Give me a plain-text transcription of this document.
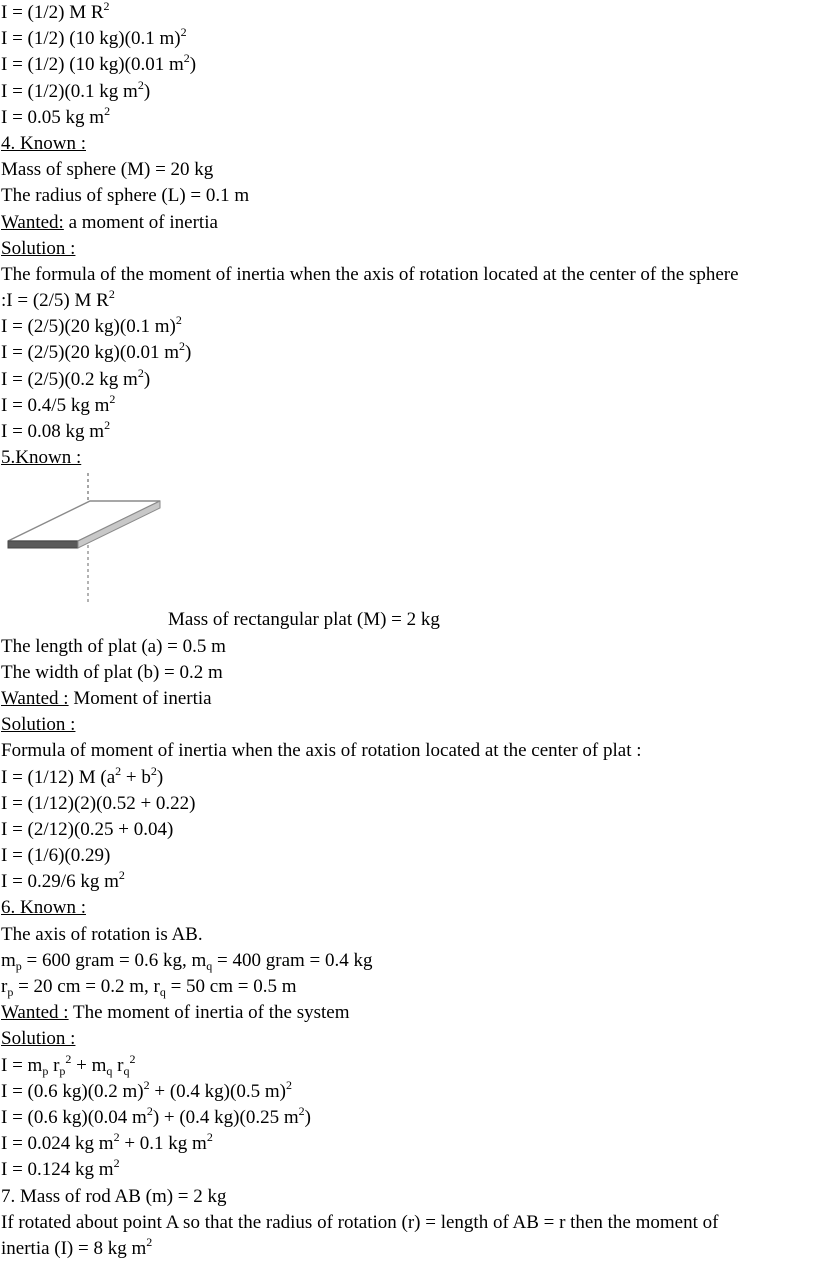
I = (1/2) M $R^2$
I = (1/2) (10 kg)(0.1 m)$^2$
I = (1/2) (10 kg)(0.01 $m^2$)
I = (1/2)(0.1 kg $m^2$)
I = 0.05 kg $m^2$
4. Known :
Mass of sphere (M) = 20 kg
The radius of sphere (L) = 0.1 m
Wanted: a moment of inertia
Solution :
The formula of the moment of inertia when the axis of rotation located at the center of the sphere
:I = (2/5) M $R^2$
I = (2/5)(20 kg)(0.1 m)$^2$
I = (2/5)(20 kg)(0.01 $m^2$)
I = (2/5)(0.2 kg $m^2$)
I = 0.4/5 kg $m^2$
I = 0.08 kg $m^2$
5.Known :
Mass of rectangular plat (M) = 2 kg
The length of plat (a) = 0.5 m
The width of plat (b) = 0.2 m
Wanted : Moment of inertia
Solution :
Formula of moment of inertia when the axis of rotation located at the center of plat :
I = (1/12) M $(a^2 + b^2)$
I = (1/12)(2)(0.52 + 0.22)
I = (2/12)(0.25 + 0.04)
I = (1/6)(0.29)
I = 0.29/6 kg $m^2$
6. Known :
The axis of rotation is AB.
$m_p = 600$ gram = 0.6 kg, $m_q = 400$ gram = 0.4 kg
$r_p = 20$ cm = 0.2 m, $r_q = 50$ cm = 0.5 m
Wanted : The moment of inertia of the system
Solution :
$I = m_p$ $r_p^2 + m_q$ $r_q^2$
I = (0.6 kg)(0.2 m)$^2$ + (0.4 kg)(0.5 m)$^2$
I = (0.6 kg)(0.04 $m^2) + (0.4$ kg)(0.25 $m^2$)
I = 0.024 kg $m^2 + 0.1$ kg $m^2$
I = 0.124 kg $m^2$
7. Mass of rod AB (m) = 2 kg
If rotated about point A so that the radius of rotation (r) = length of AB = r then the moment of
inertia (I) = 8 kg $m^2$
